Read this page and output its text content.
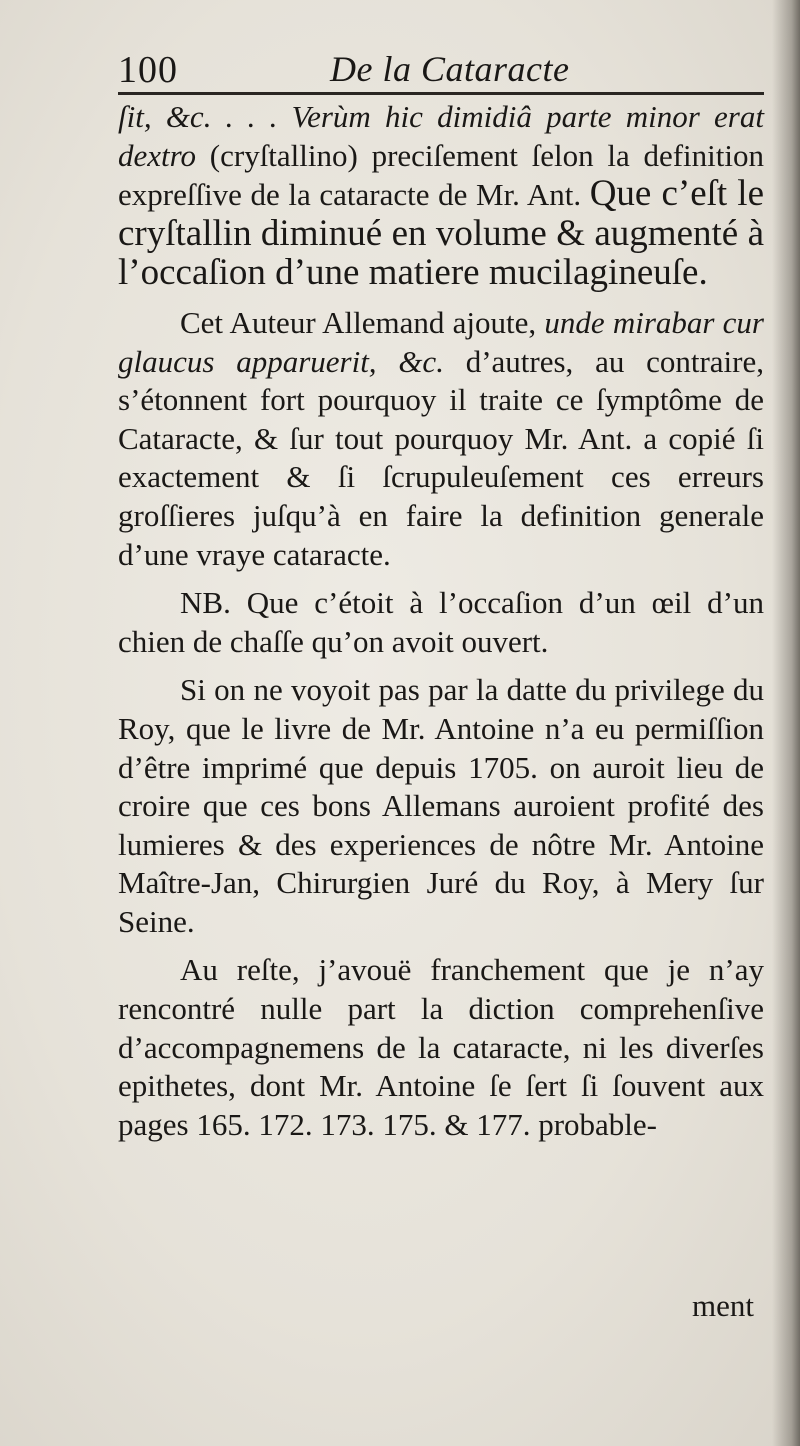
100	De la Cataracte

ſit, &c. . . . Verùm hic dimidiâ parte minor erat dextro (cryſtallino) preciſement ſelon la definition expreſſive de la cataracte de Mr. Ant. Que c’eſt le cryſtallin diminué en volume & augmenté à l’occaſion d’une matiere mucilagineuſe.

Cet Auteur Allemand ajoute, unde mirabar cur glaucus apparuerit, &c. d’autres, au contraire, s’étonnent fort pourquoy il traite ce ſymptôme de Cataracte, & ſur tout pourquoy Mr. Ant. a copié ſi exactement & ſi ſcrupuleuſement ces erreurs groſſieres juſqu’à en faire la definition generale d’une vraye cataracte.

NB. Que c’étoit à l’occaſion d’un œil d’un chien de chaſſe qu’on avoit ouvert.

Si on ne voyoit pas par la datte du privilege du Roy, que le livre de Mr. Antoine n’a eu permiſſion d’être imprimé que depuis 1705. on auroit lieu de croire que ces bons Allemans auroient profité des lumieres & des experiences de nôtre Mr. Antoine Maître-Jan, Chirurgien Juré du Roy, à Mery ſur Seine.

Au reſte, j’avouë franchement que je n’ay rencontré nulle part la diction comprehenſive d’accompagnemens de la cataracte, ni les diverſes epithetes, dont Mr. Antoine ſe ſert ſi ſouvent aux pages 165. 172. 173. 175. & 177. probable-

ment
